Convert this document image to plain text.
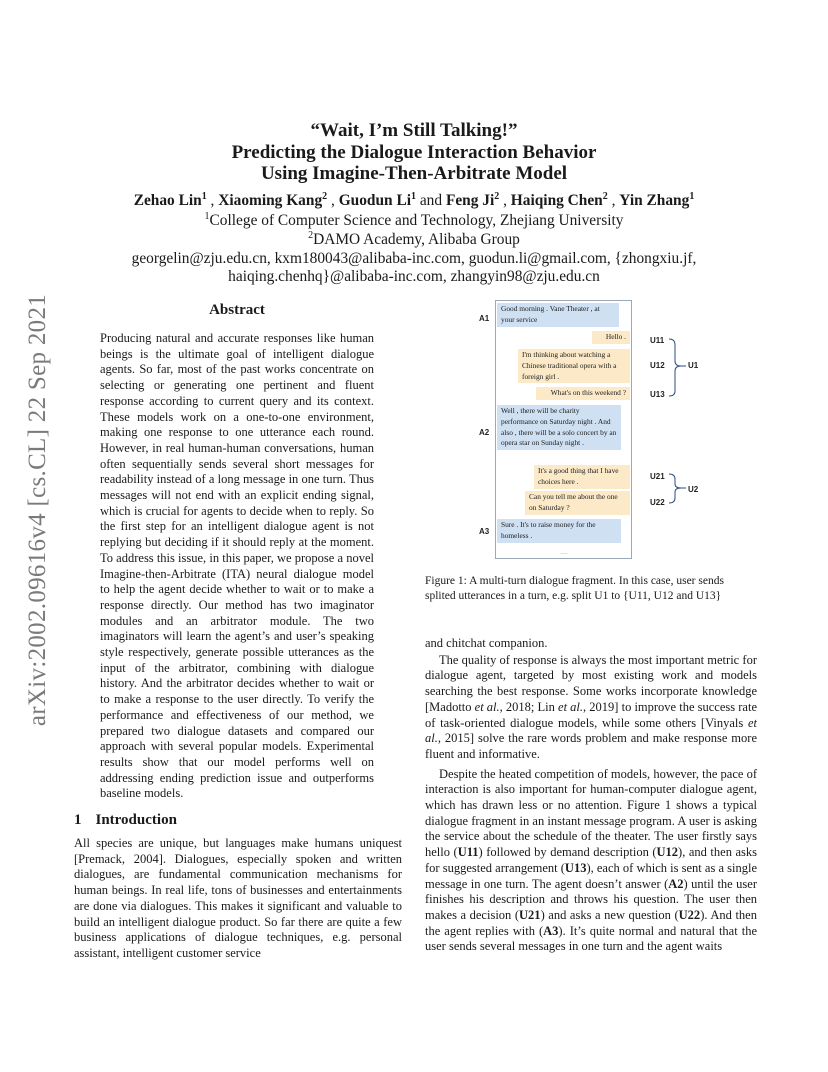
arXiv:2002.09616v4 [cs.CL] 22 Sep 2021
“Wait, I’m Still Talking!”
Predicting the Dialogue Interaction Behavior
Using Imagine-Then-Arbitrate Model
Zehao Lin$^1$ , Xiaoming Kang$^2$ , Guodun Li$^1$ and Feng Ji$^2$ , Haiqing Chen$^2$ , Yin Zhang$^1$
$^1$College of Computer Science and Technology, Zhejiang University
$^2$DAMO Academy, Alibaba Group
georgelin@zju.edu.cn, kxm180043@alibaba-inc.com, guodun.li@gmail.com, {zhongxiu.jf,
haiqing.chenhq}@alibaba-inc.com, zhangyin98@zju.edu.cn
Abstract

Producing natural and accurate responses like human beings is the ultimate goal of intelligent dialogue agents. So far, most of the past works concentrate on selecting or generating one pertinent and fluent response according to current query and its context. These models work on a one-to-one environment, making one response to one utterance each round. However, in real human-human conversations, human often sequentially sends several short messages for readability instead of a long message in one turn. Thus messages will not end with an explicit ending signal, which is crucial for agents to decide when to reply. So the first step for an intelligent dialogue agent is not replying but deciding if it should reply at the moment. To address this issue, in this paper, we propose a novel Imagine-then-Arbitrate (ITA) neural dialogue model to help the agent decide whether to wait or to make a response directly. Our method has two imaginator modules and an arbitrator module. The two imaginators will learn the agent’s and user’s speaking style respectively, generate possible utterances as the input of the arbitrator, combining with dialogue history. And the arbitrator decides whether to wait or to make a response to the user directly. To verify the performance and effectiveness of our method, we prepared two dialogue datasets and compared our approach with several popular models. Experimental results show that our model performs well on addressing ending prediction issue and outperforms baseline models.

1 Introduction

All species are unique, but languages make humans uniquest [Premack, 2004]. Dialogues, especially spoken and written dialogues, are fundamental communication mechanisms for human beings. In real life, tons of businesses and entertainments are done via dialogues. This makes it significant and valuable to build an intelligent dialogue product. So far there are quite a few business applications of dialogue techniques, e.g. personal assistant, intelligent customer service

Good morning . Vane Theater , at your service
Hello .
I'm thinking about watching a Chinese traditional opera with a foreign girl .
What's on this weekend ?
Well , there will be charity performance on Saturday night . And also , there will be a solo concert by an opera star on Sunday night .
It's a good thing that I have choices here .
Can you tell me about the one on Saturday ?
Sure . It's to raise money for the homeless .
....
A1
A2
A3
U11
U12
U13
U1
U21
U22
U2
Figure 1: A multi-turn dialogue fragment. In this case, user sends splited utterances in a turn, e.g. split U1 to {U11, U12 and U13}

and chitchat companion.

The quality of response is always the most important metric for dialogue agent, targeted by most existing work and models searching the best response. Some works incorporate knowledge [Madotto et al., 2018; Lin et al., 2019] to improve the success rate of task-oriented dialogue models, while some others [Vinyals et al., 2015] solve the rare words problem and make response more fluent and informative.

Despite the heated competition of models, however, the pace of interaction is also important for human-computer dialogue agent, which has drawn less or no attention. Figure 1 shows a typical dialogue fragment in an instant message program. A user is asking the service about the schedule of the theater. The user firstly says hello (U11) followed by demand description (U12), and then asks for suggested arrangement (U13), each of which is sent as a single message in one turn. The agent doesn’t answer (A2) until the user finishes his description and throws his question. The user then makes a decision (U21) and asks a new question (U22). And then the agent replies with (A3). It’s quite normal and natural that the user sends several messages in one turn and the agent waits
